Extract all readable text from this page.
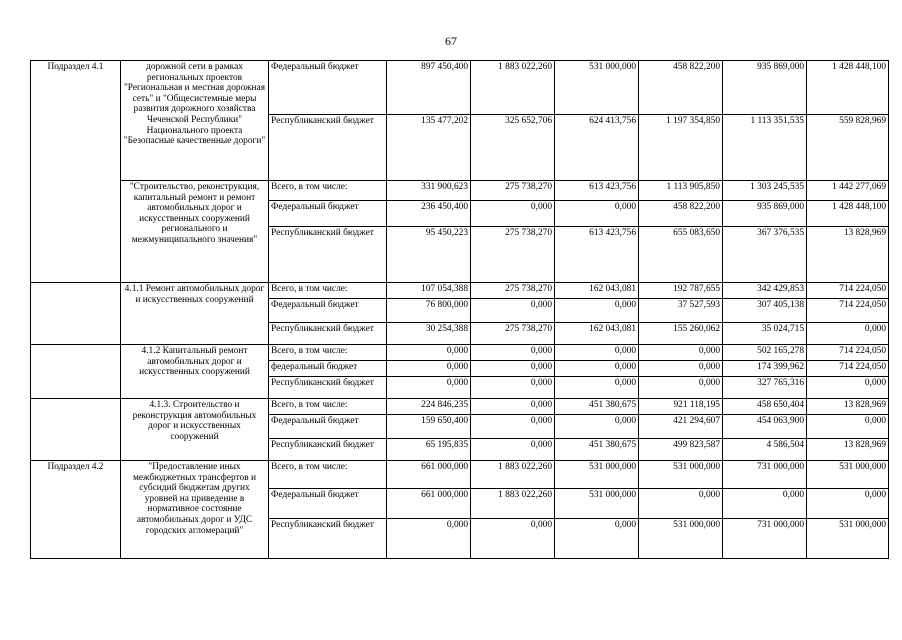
67
Подраздел 4.1	дорожной сети в рамках региональных проектов "Региональная и местная дорожная сеть" и "Общесистемные меры развития дорожного хозяйства Чеченской Республики" Национального проекта "Безопасные качественные дороги"	Федеральный бюджет	897 450,400	1 883 022,260	531 000,000	458 822,200	935 869,000	1 428 448,100
		Республиканский бюджет	135 477,202	325 652,706	624 413,756	1 197 354,850	1 113 351,535	559 828,969
	"Строительство, реконструкция, капитальный ремонт и ремонт автомобильных дорог и искусственных сооружений регионального и межмуниципального значения"	Всего, в том числе:	331 900,623	275 738,270	613 423,756	1 113 905,850	1 303 245,535	1 442 277,069
		Федеральный бюджет	236 450,400	0,000	0,000	458 822,200	935 869,000	1 428 448,100
		Республиканский бюджет	95 450,223	275 738,270	613 423,756	655 083,650	367 376,535	13 828,969
	4.1.1 Ремонт автомобильных дорог и искусственных сооружений	Всего, в том числе:	107 054,388	275 738,270	162 043,081	192 787,655	342 429,853	714 224,050
		Федеральный бюджет	76 800,000	0,000	0,000	37 527,593	307 405,138	714 224,050
		Республиканский бюджет	30 254,388	275 738,270	162 043,081	155 260,062	35 024,715	0,000
	4.1.2 Капитальный ремонт автомобильных дорог и искусственных сооружений	Всего, в том числе:	0,000	0,000	0,000	0,000	502 165,278	714 224,050
		федеральный бюджет	0,000	0,000	0,000	0,000	174 399,962	714 224,050
		Республиканский бюджет	0,000	0,000	0,000	0,000	327 765,316	0,000
	4.1.3. Строительство и реконструкция автомобильных дорог и искусственных сооружений	Всего, в том числе:	224 846,235	0,000	451 380,675	921 118,195	458 650,404	13 828,969
		Федеральный бюджет	159 650,400	0,000	0,000	421 294,607	454 063,900	0,000
		Республиканский бюджет	65 195,835	0,000	451 380,675	499 823,587	4 586,504	13 828,969
Подраздел 4.2	"Предоставление иных межбюджетных трансфертов и субсидий бюджетам других уровней на приведение в нормативное состояние автомобильных дорог и УДС городских агломераций"	Всего, в том числе:	661 000,000	1 883 022,260	531 000,000	531 000,000	731 000,000	531 000,000
		Федеральный бюджет	661 000,000	1 883 022,260	531 000,000	0,000	0,000	0,000
		Республиканский бюджет	0,000	0,000	0,000	531 000,000	731 000,000	531 000,000
